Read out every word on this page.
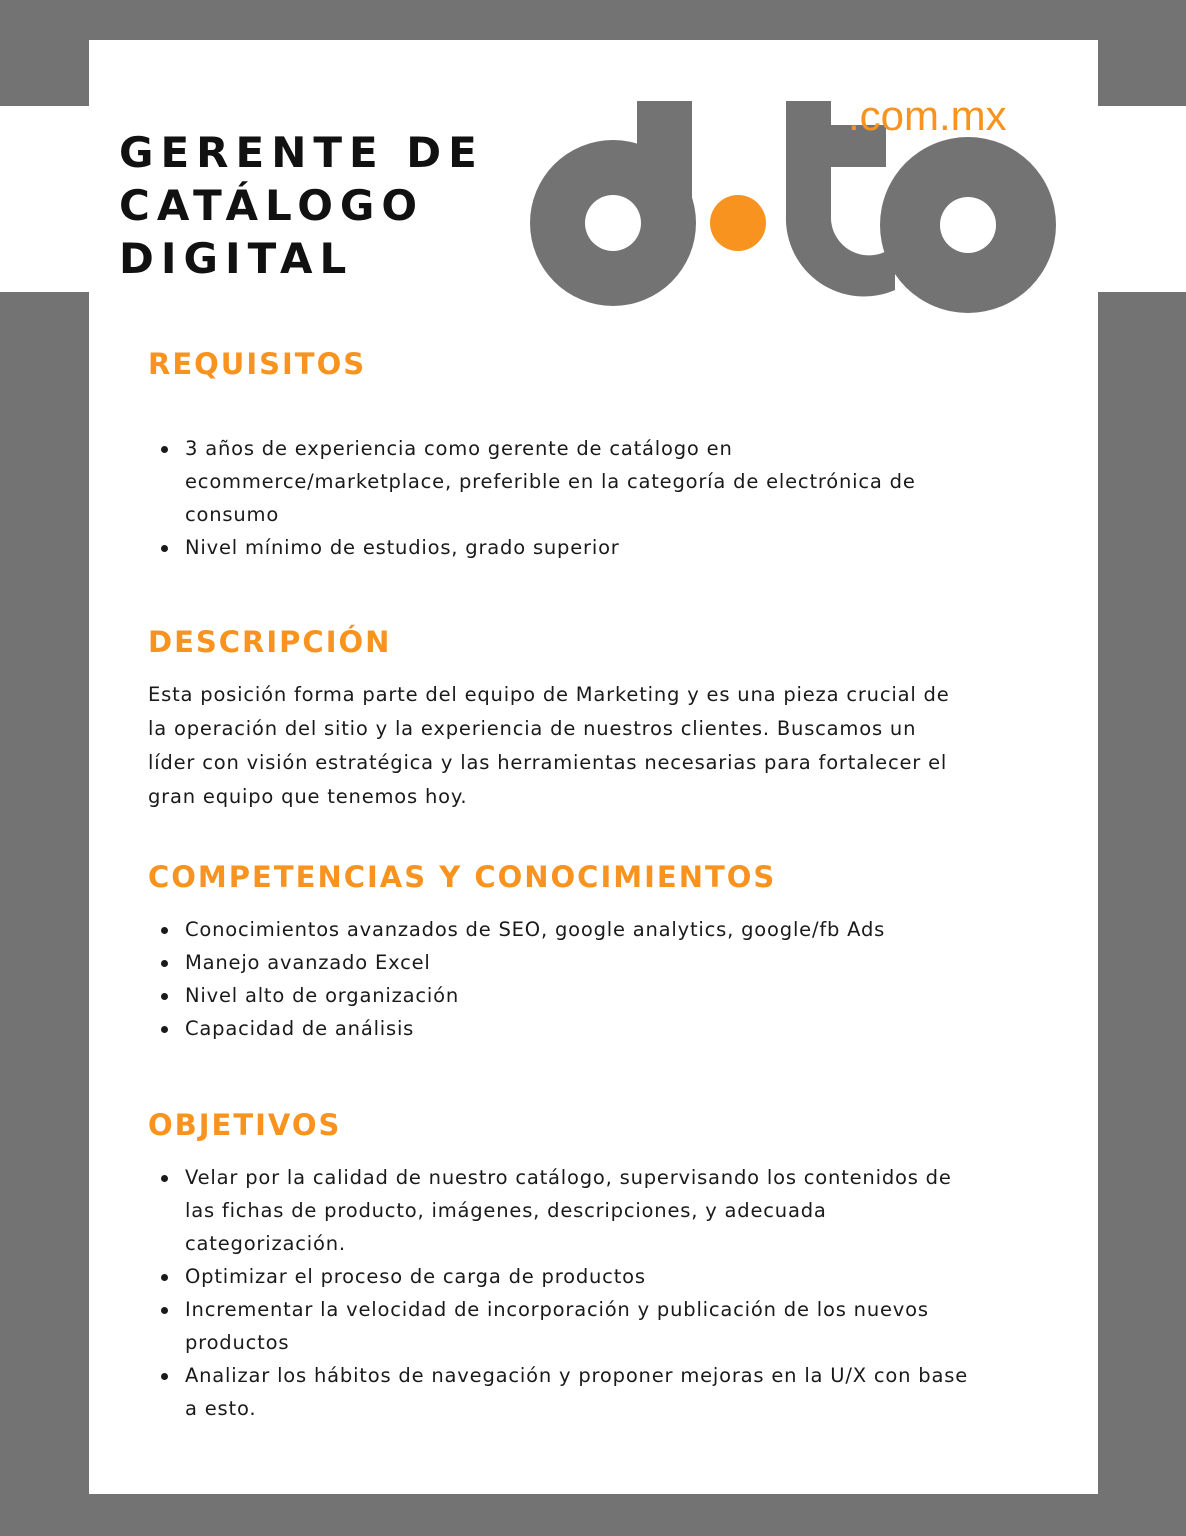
GERENTE DE
CATÁLOGO
DIGITAL
.com.mx
REQUISITOS
3 años de experiencia como gerente de catálogo en ecommerce/marketplace, preferible en la categoría de electrónica de consumo
Nivel mínimo de estudios, grado superior
DESCRIPCIÓN

Esta posición forma parte del equipo de Marketing y es una pieza crucial de la operación del sitio y la experiencia de nuestros clientes. Buscamos un líder con visión estratégica y las herramientas necesarias para fortalecer el gran equipo que tenemos hoy.

COMPETENCIAS Y CONOCIMIENTOS
Conocimientos avanzados de SEO, google analytics, google/fb Ads
Manejo avanzado Excel
Nivel alto de organización
Capacidad de análisis
OBJETIVOS
Velar por la calidad de nuestro catálogo, supervisando los contenidos de las fichas de producto, imágenes, descripciones, y adecuada categorización.
Optimizar el proceso de carga de productos
Incrementar la velocidad de incorporación y publicación de los nuevos productos
Analizar los hábitos de navegación y proponer mejoras en la U/X con base a esto.
